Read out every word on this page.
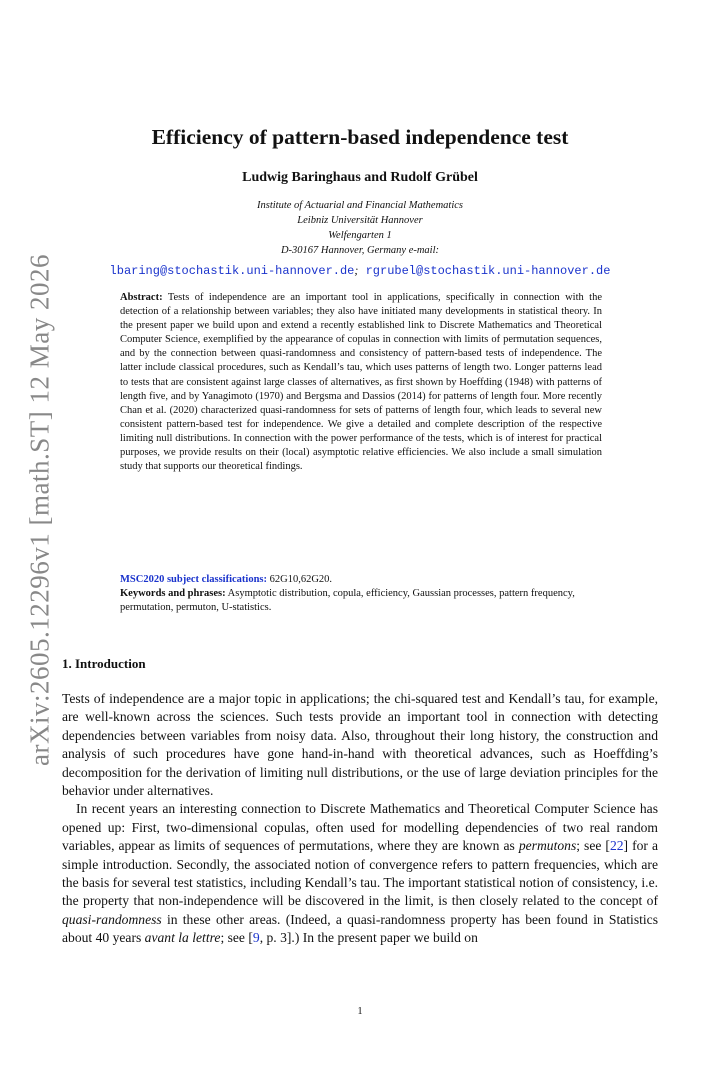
arXiv:2605.12296v1 [math.ST] 12 May 2026
Efficiency of pattern-based independence test
Ludwig Baringhaus and Rudolf Grübel
Institute of Actuarial and Financial Mathematics
Leibniz Universität Hannover
Welfengarten 1
D-30167 Hannover, Germany e-mail:
lbaring@stochastik.uni-hannover.de; rgrubel@stochastik.uni-hannover.de
Abstract: Tests of independence are an important tool in applications, specifically in connection with the detection of a relationship between variables; they also have initiated many developments in statistical theory. In the present paper we build upon and extend a recently established link to Discrete Mathematics and Theoretical Computer Science, exemplified by the appearance of copulas in connection with limits of permutation sequences, and by the connection between quasi-randomness and consistency of pattern-based tests of independence. The latter include classical procedures, such as Kendall’s tau, which uses patterns of length two. Longer patterns lead to tests that are consistent against large classes of alternatives, as first shown by Hoeffding (1948) with patterns of length five, and by Yanagimoto (1970) and Bergsma and Dassios (2014) for patterns of length four. More recently Chan et al. (2020) characterized quasi-randomness for sets of patterns of length four, which leads to several new consistent pattern-based test for independence. We give a detailed and complete description of the respective limiting null distributions. In connection with the power performance of the tests, which is of interest for practical purposes, we provide results on their (local) asymptotic relative efficiencies. We also include a small simulation study that supports our theoretical findings.
MSC2020 subject classifications: 62G10,62G20.
Keywords and phrases: Asymptotic distribution, copula, efficiency, Gaussian processes, pattern frequency, permutation, permuton, U-statistics.
1. Introduction

Tests of independence are a major topic in applications; the chi-squared test and Kendall’s tau, for example, are well-known across the sciences. Such tests provide an important tool in connection with detecting dependencies between variables from noisy data. Also, throughout their long history, the construction and analysis of such procedures have gone hand-in-hand with theoretical advances, such as Hoeffding’s decomposition for the derivation of limiting null distributions, or the use of large deviation principles for the behavior under alternatives.

In recent years an interesting connection to Discrete Mathematics and Theoretical Computer Science has opened up: First, two-dimensional copulas, often used for modelling dependencies of two real random variables, appear as limits of sequences of permutations, where they are known as permutons; see [22] for a simple introduction. Secondly, the associated notion of convergence refers to pattern frequencies, which are the basis for several test statistics, including Kendall’s tau. The important statistical notion of consistency, i.e. the property that non-independence will be discovered in the limit, is then closely related to the concept of quasi-randomness in these other areas. (Indeed, a quasi-randomness property has been found in Statistics about 40 years avant la lettre; see [9, p. 3].) In the present paper we build on

1
